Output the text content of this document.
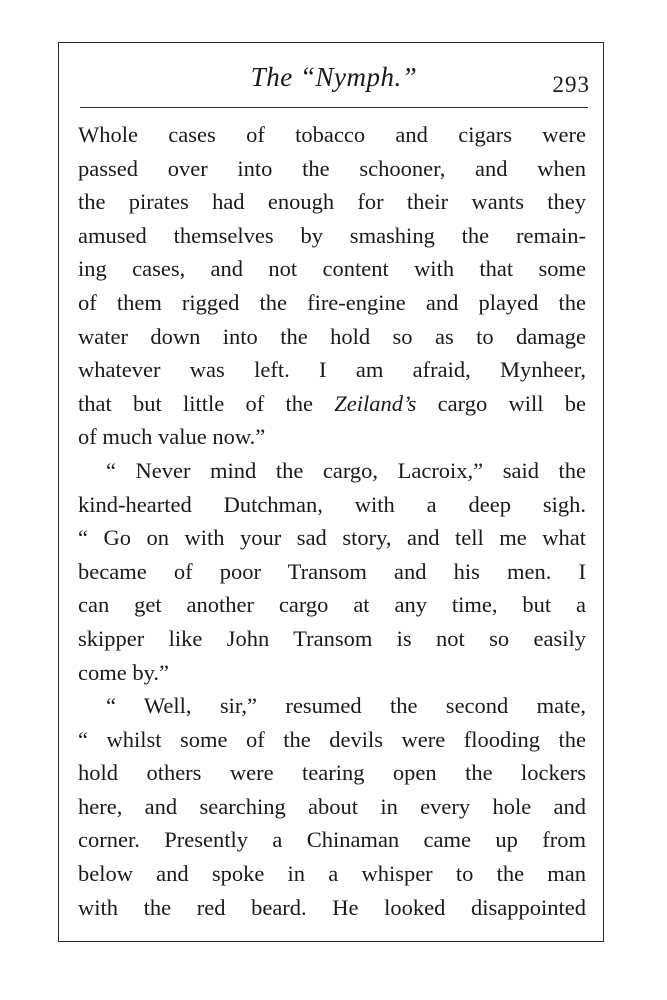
The “Nymph.”	293
Whole cases of tobacco and cigars were
passed over into the schooner, and when
the pirates had enough for their wants they
amused themselves by smashing the remain-
ing cases, and not content with that some
of them rigged the fire-engine and played the
water down into the hold so as to damage
whatever was left. I am afraid, Mynheer,
that but little of the Zeiland’s cargo will be
of much value now.”
“ Never mind the cargo, Lacroix,” said the
kind-hearted Dutchman, with a deep sigh.
“ Go on with your sad story, and tell me what
became of poor Transom and his men. I
can get another cargo at any time, but a
skipper like John Transom is not so easily
come by.”
“ Well, sir,” resumed the second mate,
“ whilst some of the devils were flooding the
hold others were tearing open the lockers
here, and searching about in every hole and
corner. Presently a Chinaman came up from
below and spoke in a whisper to the man
with the red beard. He looked disappointed
